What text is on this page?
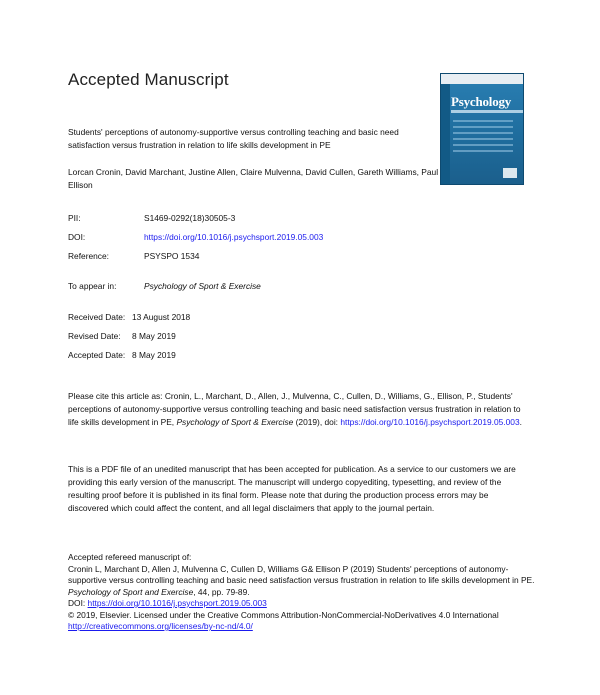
Accepted Manuscript
Psychology
Students' perceptions of autonomy-supportive versus controlling teaching and basic need satisfaction versus frustration in relation to life skills development in PE
Lorcan Cronin, David Marchant, Justine Allen, Claire Mulvenna, David Cullen, Gareth Williams, Paul Ellison
PII:	S1469-0292(18)30505-3
DOI:	https://doi.org/10.1016/j.psychsport.2019.05.003
Reference:	PSYSPO 1534
To appear in:	Psychology of Sport & Exercise
Received Date: 13 August 2018
Revised Date: 8 May 2019
Accepted Date: 8 May 2019
Please cite this article as: Cronin, L., Marchant, D., Allen, J., Mulvenna, C., Cullen, D., Williams, G., Ellison, P., Students' perceptions of autonomy-supportive versus controlling teaching and basic need satisfaction versus frustration in relation to life skills development in PE, Psychology of Sport & Exercise (2019), doi: https://doi.org/10.1016/j.psychsport.2019.05.003.
This is a PDF file of an unedited manuscript that has been accepted for publication. As a service to our customers we are providing this early version of the manuscript. The manuscript will undergo copyediting, typesetting, and review of the resulting proof before it is published in its final form. Please note that during the production process errors may be discovered which could affect the content, and all legal disclaimers that apply to the journal pertain.
Accepted refereed manuscript of:
Cronin L, Marchant D, Allen J, Mulvenna C, Cullen D, Williams G& Ellison P (2019) Students' perceptions of autonomy-supportive versus controlling teaching and basic need satisfaction versus frustration in relation to life skills development in PE. Psychology of Sport and Exercise, 44, pp. 79-89.
DOI: https://doi.org/10.1016/j.psychsport.2019.05.003
© 2019, Elsevier. Licensed under the Creative Commons Attribution-NonCommercial-NoDerivatives 4.0 International
http://creativecommons.org/licenses/by-nc-nd/4.0/
